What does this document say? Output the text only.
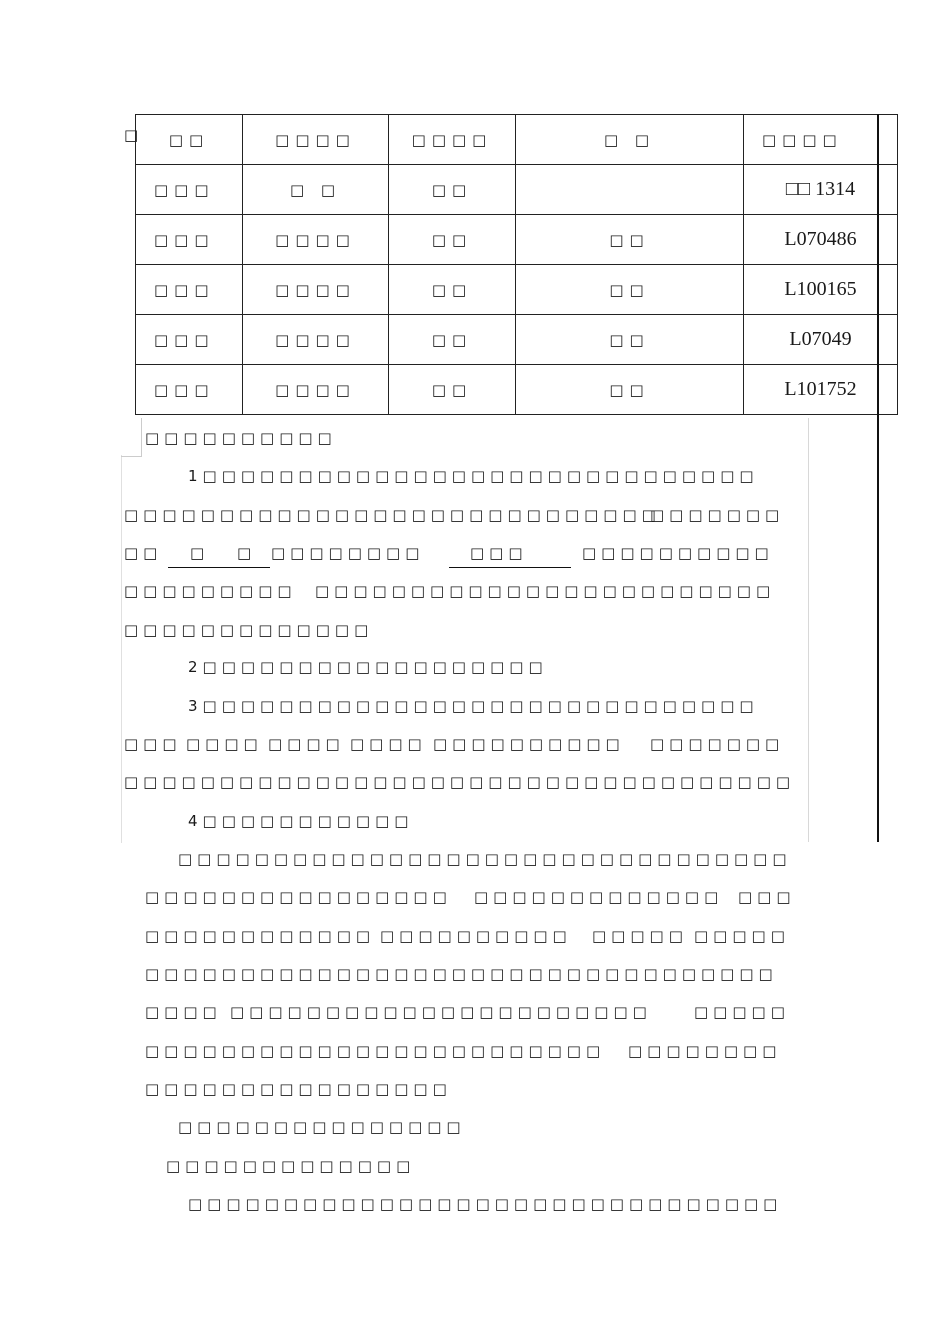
□ □□	□□□□	□□□□	□ □	□□□□
□□□	□ □	□□		□□ 1314
□□□	□□□□	□□	□□	L070486
□□□	□□□□	□□	□□	L100165
□□□	□□□□	□□	□□	L07049
□□□	□□□□	□□	□□	L101752
□□□□□□□□□□
1□□□□□□□□□□□□□□□□□□□□□□□□□□□□□
□□□□□□□□□□□□□□□□□□□□□□□□□□□□
□□□□□□□
□□ □ □ □□□□□□□□	□□□	□□□□□□□□□□
□□□□□□□□□ □□□□□□□□□□□□□□□□□□□□□□□□
□□□□□□□□□□□□□
2□□□□□□□□□□□□□□□□□□
3□□□□□□□□□□□□□□□□□□□□□□□□□□□□□
□□□ □□□□ □□□□ □□□□ □□□□□□□□□□ □□□□□□□
□□□□□□□□□□□□□□□□□□□□□□□□□□□□□□□□□□□
4□□□□□□□□□□□
□□□□□□□□□□□□□□□□□□□□□□□□□□□□□□□□
□□□□□□□□□□□□□□□□ □□□□□□□□□□□□□ □□□
□□□□□□□□□□□□ □□□□□□□□□□ □□□□□ □□□□□
□□□□□□□□□□□□□□□□□□□□□□□□□□□□□□□□□
□□□□ □□□□□□□□□□□□□□□□□□□□□□	□□□□□
□□□□□□□□□□□□□□□□□□□□□□□□ □□□□□□□□
□□□□□□□□□□□□□□□□
□□□□□□□□□□□□□□□
□□□□□□□□□□□□□
□□□□□□□□□□□□□□□□□□□□□□□□□□□□□□□
